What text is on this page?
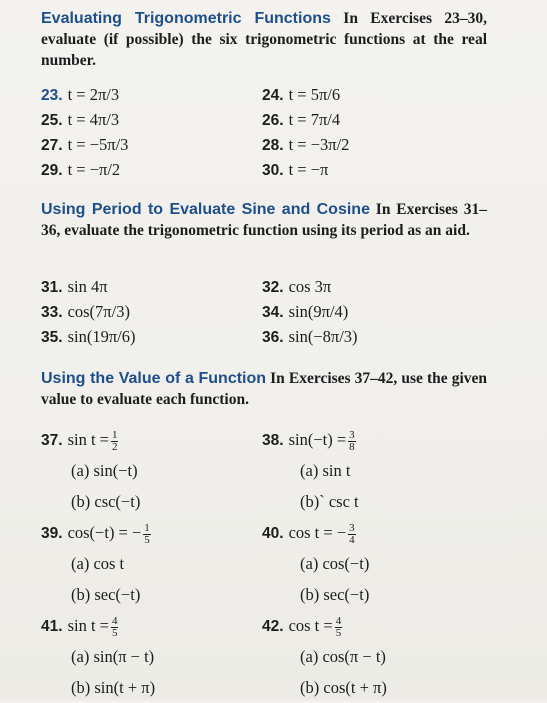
Evaluating Trigonometric Functions In Exercises 23–30, evaluate (if possible) the six trigonometric functions at the real number.
23. t = 2π/3	24. t = 5π/6
25. t = 4π/3	26. t = 7π/4
27. t = −5π/3	28. t = −3π/2
29. t = −π/2	30. t = −π
Using Period to Evaluate Sine and Cosine In Exercises 31–36, evaluate the trigonometric function using its period as an aid.
31. sin 4π	32. cos 3π
33. cos(7π/3)	34. sin(9π/4)
35. sin(19π/6)	36. sin(−8π/3)
Using the Value of a Function In Exercises 37–42, use the given value to evaluate each function.
37. $\sin t = \frac{1}{2}$	38. $\sin(-t) = \frac{3}{8}$
(a) sin(−t)	(a) sin t
(b) csc(−t)	(b)` csc t
39. cos(−t) = − $\frac{1}{5}$	40. cos t = − $\frac{3}{4}$
(a) cos t	(a) cos(−t)
(b) sec(−t)	(b) sec(−t)
41. $\sin t = \frac{4}{5}$	42. $\cos t = \frac{4}{5}$
(a) sin(π − t)	(a) cos(π − t)
(b) sin(t + π)	(b) cos(t + π)
